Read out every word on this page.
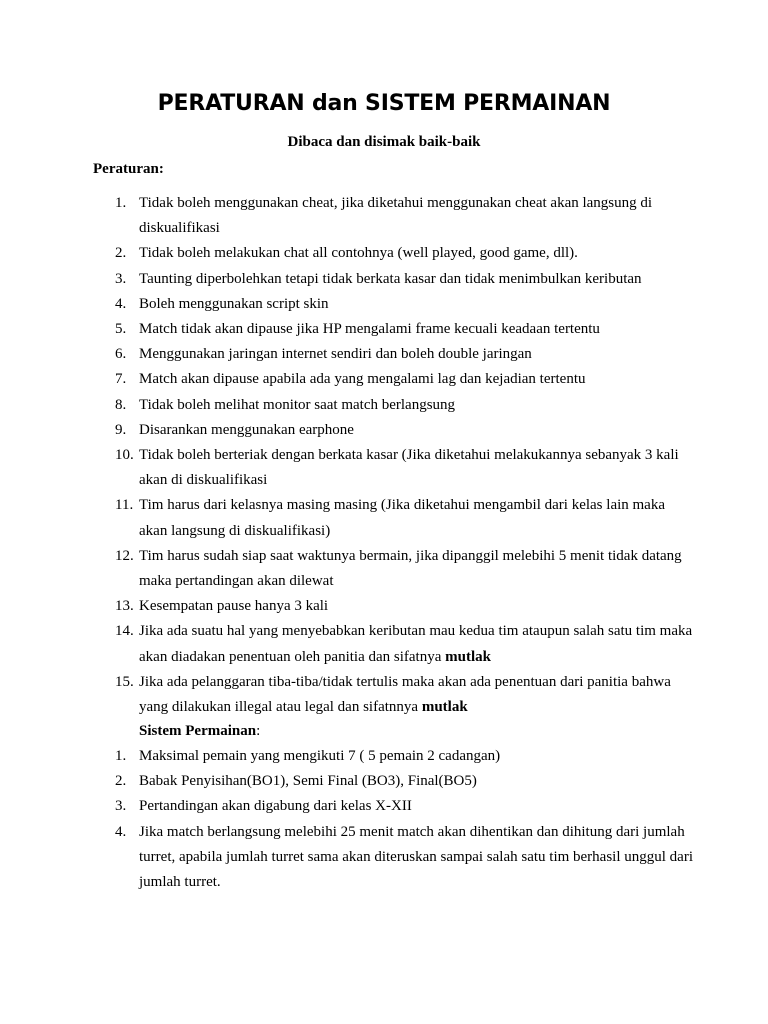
PERATURAN dan SISTEM PERMAINAN
Dibaca dan disimak baik-baik
Peraturan:
1. Tidak boleh menggunakan cheat, jika diketahui menggunakan cheat akan langsung di diskualifikasi
2. Tidak boleh melakukan chat all contohnya (well played, good game, dll).
3. Taunting diperbolehkan tetapi tidak berkata kasar dan tidak menimbulkan keributan
4. Boleh menggunakan script skin
5. Match tidak akan dipause jika HP mengalami frame kecuali keadaan tertentu
6. Menggunakan jaringan internet sendiri dan boleh double jaringan
7. Match akan dipause apabila ada yang mengalami lag dan kejadian tertentu
8. Tidak boleh melihat monitor saat match berlangsung
9. Disarankan menggunakan earphone
10. Tidak boleh berteriak dengan berkata kasar (Jika diketahui melakukannya sebanyak 3 kali akan di diskualifikasi
11. Tim harus dari kelasnya masing masing (Jika diketahui mengambil dari kelas lain maka akan langsung di diskualifikasi)
12. Tim harus sudah siap saat waktunya bermain, jika dipanggil melebihi 5 menit tidak datang maka pertandingan akan dilewat
13. Kesempatan pause hanya 3 kali
14. Jika ada suatu hal yang menyebabkan keributan mau kedua tim ataupun salah satu tim maka akan diadakan penentuan oleh panitia dan sifatnya mutlak
15. Jika ada pelanggaran tiba-tiba/tidak tertulis maka akan ada penentuan dari panitia bahwa yang dilakukan illegal atau legal dan sifatnnya mutlak
Sistem Permainan:
1. Maksimal pemain yang mengikuti 7 ( 5 pemain 2 cadangan)
2. Babak Penyisihan(BO1), Semi Final (BO3), Final(BO5)
3. Pertandingan akan digabung dari kelas X-XII
4. Jika match berlangsung melebihi 25 menit match akan dihentikan dan dihitung dari jumlah turret, apabila jumlah turret sama akan diteruskan sampai salah satu tim berhasil unggul dari jumlah turret.
